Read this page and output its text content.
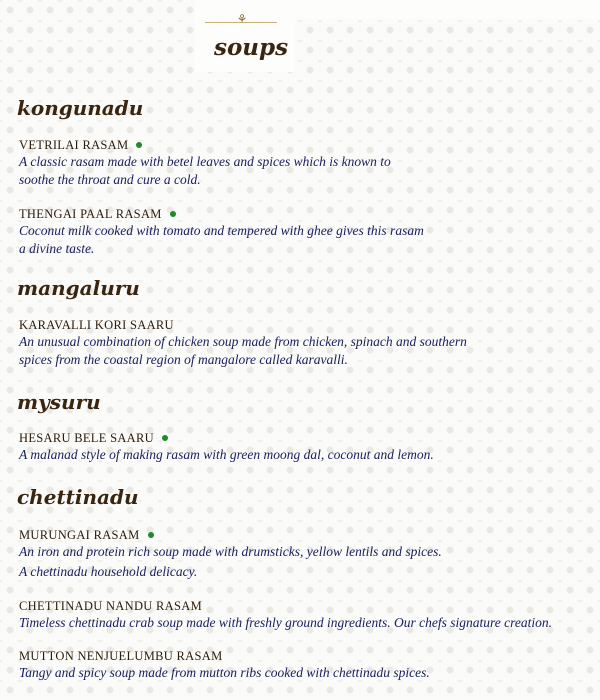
⚘
soups
kongunadu
VETRILAI RASAM
A classic rasam made with betel leaves and spices which is known to
soothe the throat and cure a cold.
THENGAI PAAL RASAM
Coconut milk cooked with tomato and tempered with ghee gives this rasam
a divine taste.
mangaluru
KARAVALLI KORI SAARU
An unusual combination of chicken soup made from chicken, spinach and southern
spices from the coastal region of mangalore called karavalli.
mysuru
HESARU BELE SAARU
A malanad style of making rasam with green moong dal, coconut and lemon.
chettinadu
MURUNGAI RASAM
An iron and protein rich soup made with drumsticks, yellow lentils and spices.
A chettinadu household delicacy.
CHETTINADU NANDU RASAM
Timeless chettinadu crab soup made with freshly ground ingredients. Our chefs signature creation.
MUTTON NENJUELUMBU RASAM
Tangy and spicy soup made from mutton ribs cooked with chettinadu spices.
